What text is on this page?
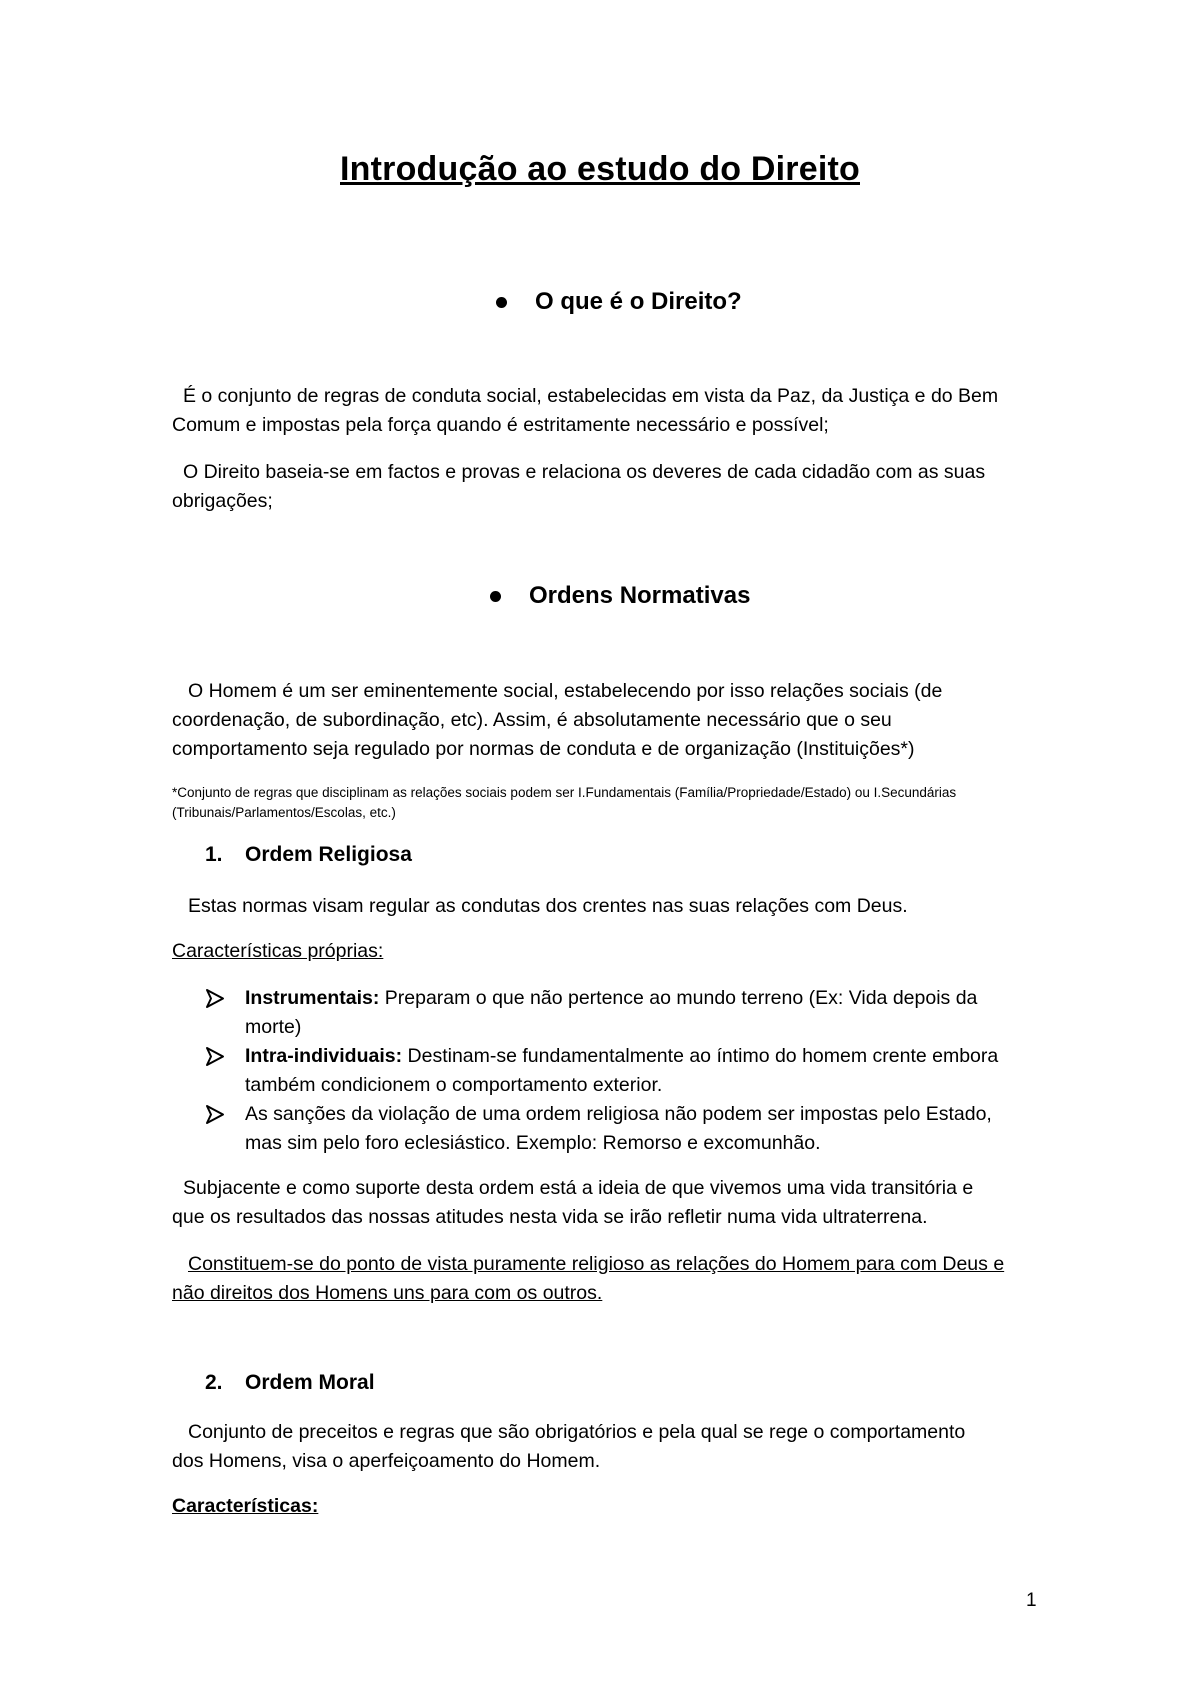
Introdução ao estudo do Direito
O que é o Direito?

É o conjunto de regras de conduta social, estabelecidas em vista da Paz, da Justiça e do Bem
Comum e impostas pela força quando é estritamente necessário e possível;

O Direito baseia-se em factos e provas e relaciona os deveres de cada cidadão com as suas
obrigações;

Ordens Normativas

O Homem é um ser eminentemente social, estabelecendo por isso relações sociais (de
coordenação, de subordinação, etc). Assim, é absolutamente necessário que o seu
comportamento seja regulado por normas de conduta e de organização (Instituições*)

*Conjunto de regras que disciplinam as relações sociais podem ser I.Fundamentais (Família/Propriedade/Estado) ou I.Secundárias
(Tribunais/Parlamentos/Escolas, etc.)

1. Ordem Religiosa

Estas normas visam regular as condutas dos crentes nas suas relações com Deus.

Características próprias:

Instrumentais: Preparam o que não pertence ao mundo terreno (Ex: Vida depois da
morte)
Intra-individuais: Destinam-se fundamentalmente ao íntimo do homem crente embora
também condicionem o comportamento exterior.
As sanções da violação de uma ordem religiosa não podem ser impostas pelo Estado,
mas sim pelo foro eclesiástico. Exemplo: Remorso e excomunhão.

Subjacente e como suporte desta ordem está a ideia de que vivemos uma vida transitória e
que os resultados das nossas atitudes nesta vida se irão refletir numa vida ultraterrena.

Constituem-se do ponto de vista puramente religioso as relações do Homem para com Deus e
não direitos dos Homens uns para com os outros.

2. Ordem Moral

Conjunto de preceitos e regras que são obrigatórios e pela qual se rege o comportamento
dos Homens, visa o aperfeiçoamento do Homem.

Características:

1
